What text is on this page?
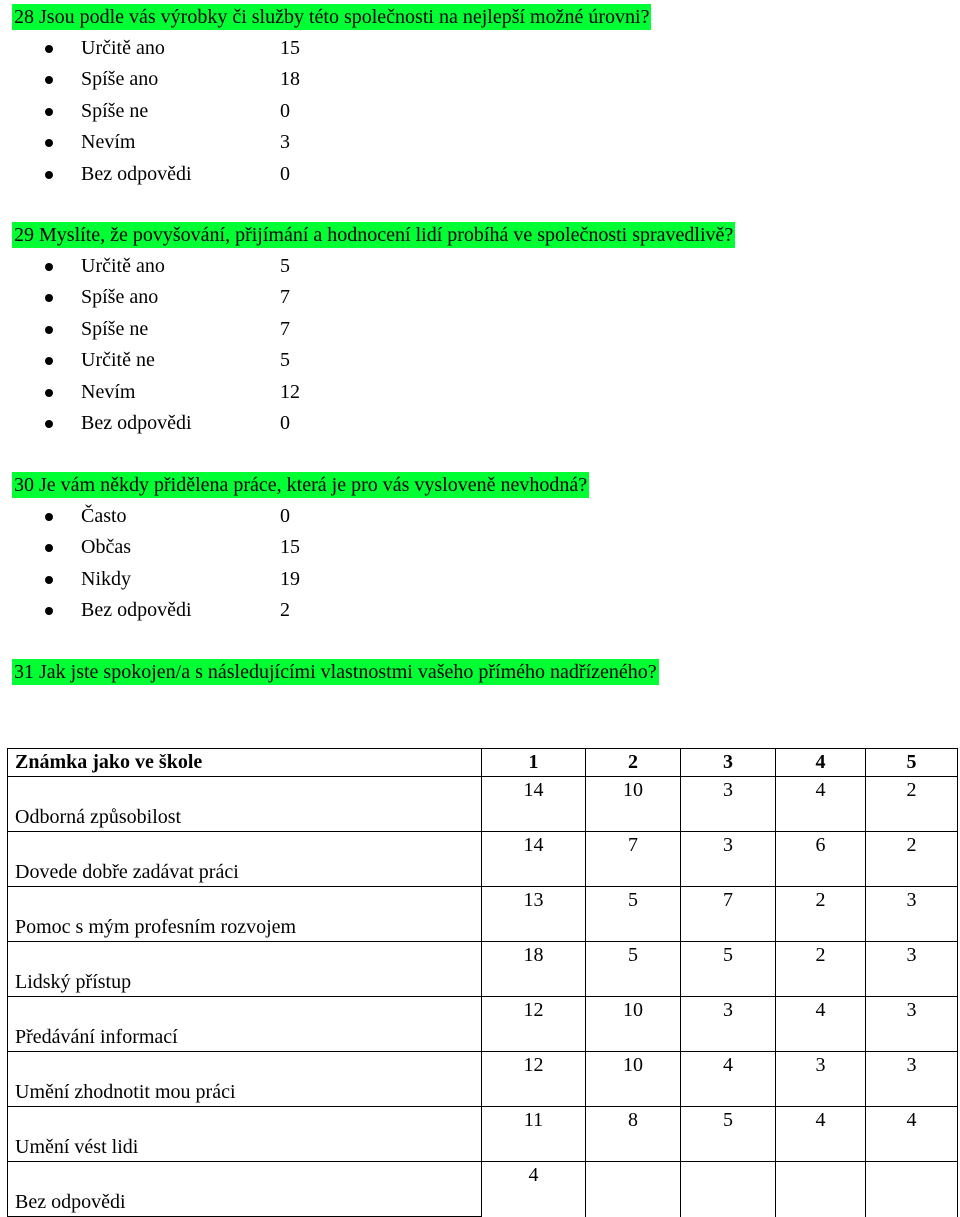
28 Jsou podle vás výrobky či služby této společnosti na nejlepší možné úrovni?
Určitě ano	15
Spíše ano	18
Spíše ne	0
Nevím	3
Bez odpovědi	0
29 Myslíte, že povyšování, přijímání a hodnocení lidí probíhá ve společnosti spravedlivě?
Určitě ano	5
Spíše ano	7
Spíše ne	7
Určitě ne	5
Nevím	12
Bez odpovědi	0
30 Je vám někdy přidělena práce, která je pro vás vysloveně nevhodná?
Často	0
Občas	15
Nikdy	19
Bez odpovědi	2
31 Jak jste spokojen/a s následujícími vlastnostmi vašeho přímého nadřízeného?
Známka jako ve škole	1	2	3	4	5
Odborná způsobilost	14	10	3	4	2
Dovede dobře zadávat práci	14	7	3	6	2
Pomoc s mým profesním rozvojem	13	5	7	2	3
Lidský přístup	18	5	5	2	3
Předávání informací	12	10	3	4	3
Umění zhodnotit mou práci	12	10	4	3	3
Umění vést lidi	11	8	5	4	4
Bez odpovědi	4				
